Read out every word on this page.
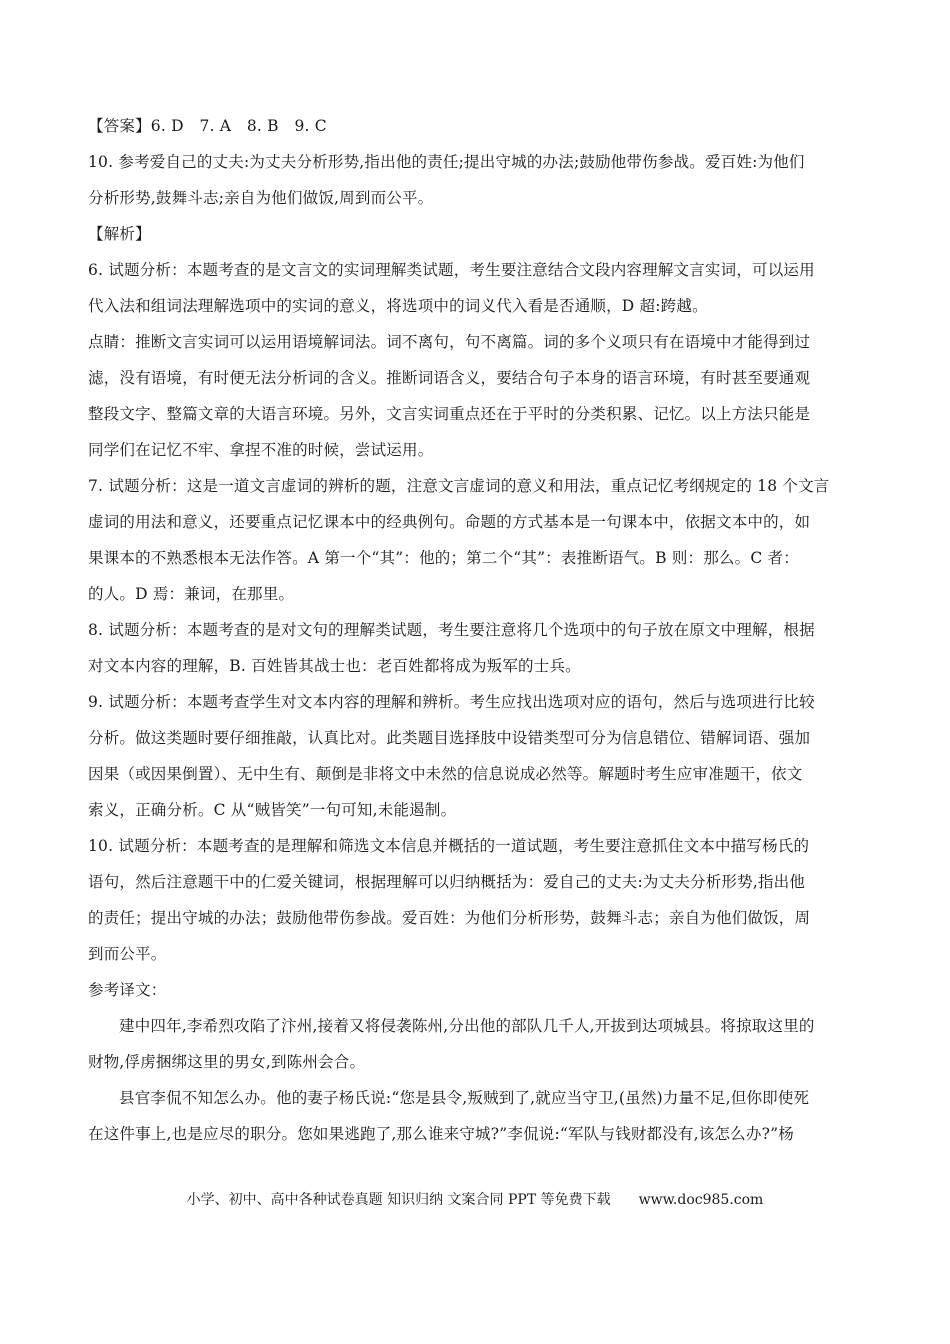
【答案】6. D　7. A　8. B　9. C
10. 参考爱自己的丈夫:为丈夫分析形势,指出他的责任;提出守城的办法;鼓励他带伤参战。爱百姓:为他们
分析形势,鼓舞斗志;亲自为他们做饭,周到而公平。
【解析】
6. 试题分析：本题考查的是文言文的实词理解类试题，考生要注意结合文段内容理解文言实词，可以运用
代入法和组词法理解选项中的实词的意义，将选项中的词义代入看是否通顺，D 超:跨越。
点睛：推断文言实词可以运用语境解词法。词不离句，句不离篇。词的多个义项只有在语境中才能得到过
滤，没有语境，有时便无法分析词的含义。推断词语含义，要结合句子本身的语言环境，有时甚至要通观
整段文字、整篇文章的大语言环境。另外，文言实词重点还在于平时的分类积累、记忆。以上方法只能是
同学们在记忆不牢、拿捏不准的时候，尝试运用。
7. 试题分析：这是一道文言虚词的辨析的题，注意文言虚词的意义和用法，重点记忆考纲规定的 18 个文言
虚词的用法和意义，还要重点记忆课本中的经典例句。命题的方式基本是一句课本中，依据文本中的，如
果课本的不熟悉根本无法作答。A 第一个“其”：他的；第二个“其”：表推断语气。B 则：那么。C 者：
的人。D 焉：兼词，在那里。
8. 试题分析：本题考查的是对文句的理解类试题，考生要注意将几个选项中的句子放在原文中理解，根据
对文本内容的理解，B. 百姓皆其战士也：老百姓都将成为叛军的士兵。
9. 试题分析：本题考查学生对文本内容的理解和辨析。考生应找出选项对应的语句，然后与选项进行比较
分析。做这类题时要仔细推敲，认真比对。此类题目选择肢中设错类型可分为信息错位、错解词语、强加
因果（或因果倒置）、无中生有、颠倒是非将文中未然的信息说成必然等。解题时考生应审准题干，依文
索义，正确分析。C 从“贼皆笑”一句可知,未能遏制。
10. 试题分析：本题考查的是理解和筛选文本信息并概括的一道试题，考生要注意抓住文本中描写杨氏的
语句，然后注意题干中的仁爱关键词，根据理解可以归纳概括为：爱自己的丈夫:为丈夫分析形势,指出他
的责任；提出守城的办法；鼓励他带伤参战。爱百姓：为他们分析形势，鼓舞斗志；亲自为他们做饭，周
到而公平。
参考译文：
建中四年,李希烈攻陷了汴州,接着又将侵袭陈州,分出他的部队几千人,开拔到达项城县。将掠取这里的
财物,俘虏捆绑这里的男女,到陈州会合。
县官李侃不知怎么办。他的妻子杨氏说:“您是县令,叛贼到了,就应当守卫,(虽然)力量不足,但你即使死
在这件事上,也是应尽的职分。您如果逃跑了,那么谁来守城?”李侃说:“军队与钱财都没有,该怎么办?”杨
小学、初中、高中各种试卷真题 知识归纳 文案合同 PPT 等免费下载 www.doc985.com
